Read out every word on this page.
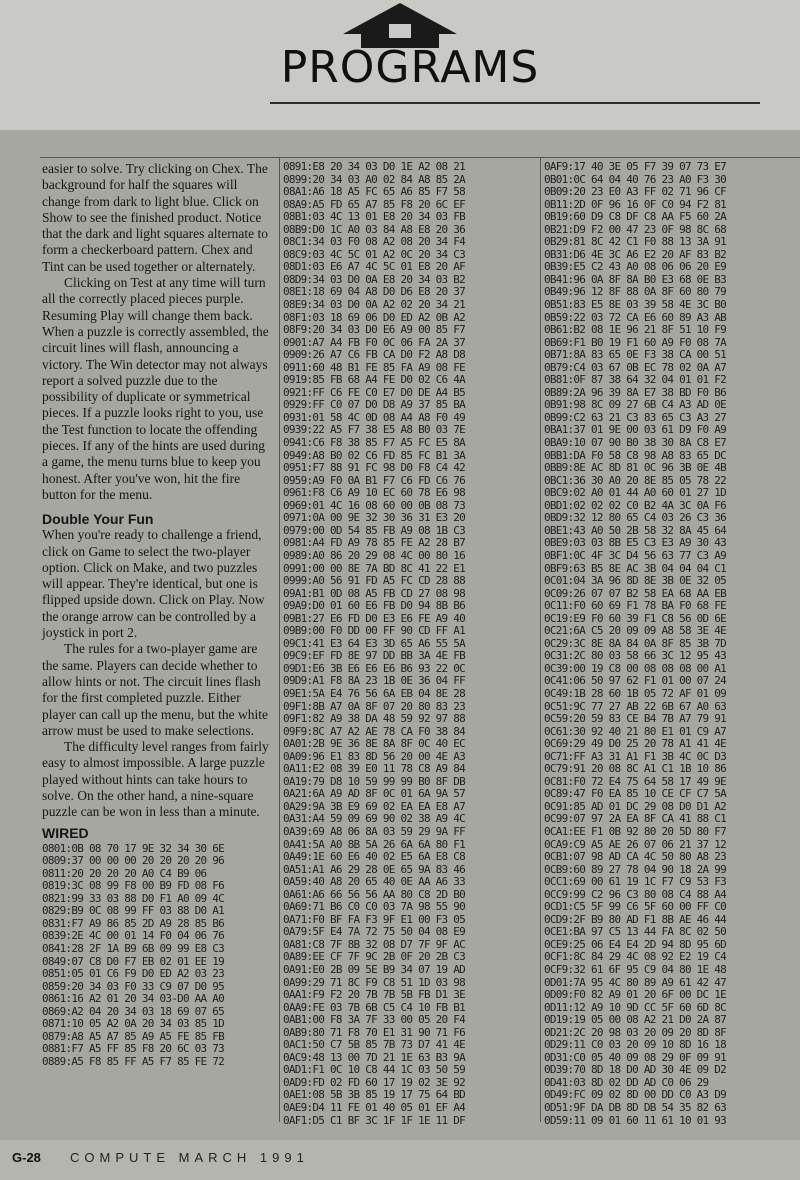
PROGRAMS

easier to solve. Try clicking on Chex. The background for half the squares will change from dark to light blue. Click on Show to see the finished product. Notice that the dark and light squares alternate to form a checkerboard pattern. Chex and Tint can be used together or alternately.

Clicking on Test at any time will turn all the correctly placed pieces purple. Resuming Play will change them back. When a puzzle is correctly assembled, the circuit lines will flash, announcing a victory. The Win detector may not always report a solved puzzle due to the possibility of duplicate or symmetrical pieces. If a puzzle looks right to you, use the Test function to locate the offending pieces. If any of the hints are used during a game, the menu turns blue to keep you honest. After you've won, hit the fire button for the menu.

Double Your Fun

When you're ready to challenge a friend, click on Game to select the two-player option. Click on Make, and two puzzles will appear. They're identical, but one is flipped upside down. Click on Play. Now the orange arrow can be controlled by a joystick in port 2.

The rules for a two-player game are the same. Players can decide whether to allow hints or not. The circuit lines flash for the first completed puzzle. Either player can call up the menu, but the white arrow must be used to make selections.

The difficulty level ranges from fairly easy to almost impossible. A large puzzle played without hints can take hours to solve. On the other hand, a nine-square puzzle can be won in less than a minute.

WIRED
0801:0B 08 70 17 9E 32 34 30 6E
0809:37 00 00 00 20 20 20 20 96
0811:20 20 20 20 A0 C4 B9 06
0819:3C 08 99 F8 00 B9 FD 08 F6
0821:99 33 03 88 D0 F1 A0 09 4C
0829:B9 0C 08 99 FF 03 88 D0 A1
0831:F7 A9 86 85 2D A9 28 85 B6
0839:2E 4C 00 01 14 F0 04 06 76
0841:28 2F 1A B9 6B 09 99 E8 C3
0849:07 C8 D0 F7 EB 02 01 EE 19
0851:05 01 C6 F9 D0 ED A2 03 23
0859:20 34 03 F0 33 C9 07 D0 95
0861:16 A2 01 20 34 03-D0 AA A0
0869:A2 04 20 34 03 18 69 07 65
0871:10 05 A2 0A 20 34 03 85 1D
0879:A8 A5 A7 85 A9 A5 FE 85 FB
0881:F7 A5 FF 85 F8 20 6C 03 73
0889:A5 F8 85 FF A5 F7 85 FE 72
0891:E8 20 34 03 D0 1E A2 08 21
0899:20 34 03 A0 02 84 A8 85 2A
08A1:A6 18 A5 FC 65 A6 85 F7 58
08A9:A5 FD 65 A7 85 F8 20 6C EF
08B1:03 4C 13 01 E8 20 34 03 FB
08B9:D0 1C A0 03 84 A8 E8 20 36
08C1:34 03 F0 08 A2 08 20 34 F4
08C9:03 4C 5C 01 A2 0C 20 34 C3
08D1:03 E6 A7 4C 5C 01 E8 20 AF
08D9:34 03 D0 0A E8 20 34 03 B2
08E1:18 69 04 A8 D0 D6 E8 20 37
08E9:34 03 D0 0A A2 02 20 34 21
08F1:03 18 69 06 D0 ED A2 0B A2
08F9:20 34 03 D0 E6 A9 00 85 F7
0901:A7 A4 FB F0 0C 06 FA 2A 37
0909:26 A7 C6 FB CA D0 F2 A8 D8
0911:60 48 B1 FE 85 FA A9 08 FE
0919:85 FB 68 A4 FE D0 02 C6 4A
0921:FF C6 FE C0 E7 D0 DE A4 B5
0929:FF C0 07 D0 D8 A9 37 85 BA
0931:01 58 4C 0D 08 A4 A8 F0 49
0939:22 A5 F7 38 E5 A8 B0 03 7E
0941:C6 F8 38 85 F7 A5 FC E5 8A
0949:A8 B0 02 C6 FD 85 FC B1 3A
0951:F7 88 91 FC 98 D0 F8 C4 42
0959:A9 F0 0A B1 F7 C6 FD C6 76
0961:F8 C6 A9 10 EC 60 78 E6 98
0969:01 4C 16 08 60 00 0B 08 73
0971:0A 00 9E 32 30 36 31 E3 20
0979:00 0D 54 85 FB A9 08 1B C3
0981:A4 FD A9 78 85 FE A2 28 B7
0989:A0 86 20 29 08 4C 00 80 16
0991:00 00 8E 7A BD 8C 41 22 E1
0999:A0 56 91 FD A5 FC CD 28 88
09A1:B1 0D 08 A5 FB CD 27 08 98
09A9:D0 01 60 E6 FB D0 94 8B B6
09B1:27 E6 FD D0 E3 E6 FE A9 40
09B9:00 F0 DD 00 FF 90 CD FF A1
09C1:41 E3 64 E3 3D 65 A6 55 5A
09C9:EF FD 8E 97 DD BB 3A 4E FB
09D1:E6 3B E6 E6 E6 B6 93 22 0C
09D9:A1 F8 8A 23 1B 0E 36 04 FF
09E1:5A E4 76 56 6A EB 04 8E 28
09F1:8B A7 0A 8F 07 20 80 83 23
09F1:82 A9 38 DA 48 59 92 97 88
09F9:8C A7 A2 AE 78 CA F0 38 84
0A01:2B 9E 36 8E 8A 8F 0C 40 EC
0A09:96 E1 83 8D 56 20 00 4E A3
0A11:E2 08 39 E0 11 78 C8 A9 84
0A19:79 D8 10 59 99 99 B0 8F DB
0A21:6A A9 AD 8F 0C 01 6A 9A 57
0A29:9A 3B E9 69 02 EA EA E8 A7
0A31:A4 59 09 69 90 02 38 A9 4C
0A39:69 A8 06 8A 03 59 29 9A FF
0A41:5A A0 8B 5A 26 6A 6A 80 F1
0A49:1E 60 E6 40 02 E5 6A E8 C8
0A51:A1 A6 29 28 0E 65 9A 83 46
0A59:40 A8 20 65 40 0E AA A6 33
0A61:A6 66 56 56 AA 80 C8 2D B0
0A69:71 B6 C0 C0 03 7A 98 55 90
0A71:F0 BF FA F3 9F E1 00 F3 05
0A79:5F E4 7A 72 75 50 04 08 E9
0A81:C8 7F 8B 32 08 D7 7F 9F AC
0A89:EE CF 7F 9C 2B 0F 20 2B C3
0A91:E0 2B 09 5E B9 34 07 19 AD
0A99:29 71 8C F9 C8 51 1D 03 98
0AA1:F9 F2 20 7B 7B 5B FB D1 3E
0AA9:FE 03 7B 6B C5 C4 10 FB B1
0AB1:00 F8 3A 7F 33 00 05 20 F4
0AB9:80 71 F8 70 E1 31 90 71 F6
0AC1:50 C7 5B 85 7B 73 D7 41 4E
0AC9:48 13 00 7D 21 1E 63 B3 9A
0AD1:F1 0C 10 C8 44 1C 03 50 59
0AD9:FD 02 FD 60 17 19 02 3E 92
0AE1:08 5B 3B 85 19 17 75 64 BD
0AE9:D4 11 FE 01 40 05 01 EF A4
0AF1:D5 C1 BF 3C 1F 1F 1E 11 DF
0AF9:17 40 3E 05 F7 39 07 73 E7
0B01:0C 64 04 40 76 23 A0 F3 30
0B09:20 23 E0 A3 FF 02 71 96 CF
0B11:2D 0F 96 16 0F C0 94 F2 81
0B19:60 D9 C8 DF C8 AA F5 60 2A
0B21:D9 F2 00 47 23 0F 98 8C 68
0B29:81 8C 42 C1 F0 88 13 3A 91
0B31:D6 4E 3C A6 E2 20 AF 83 B2
0B39:E5 C2 43 A0 08 06 06 20 E9
0B41:96 0A 8F 8A B0 E3 68 0E B3
0B49:96 12 8F 88 0A 8F 60 80 79
0B51:83 E5 8E 03 39 58 4E 3C B0
0B59:22 03 72 CA E6 60 89 A3 AB
0B61:B2 08 1E 96 21 8F 51 10 F9
0B69:F1 B0 19 F1 60 A9 F0 08 7A
0B71:8A 83 65 0E F3 38 CA 00 51
0B79:C4 03 67 0B EC 78 02 0A A7
0B81:0F 87 38 64 32 04 01 01 F2
0B89:2A 96 39 8A E7 38 BD F0 B6
0B91:98 8C 09 27 6B C4 A3 AD 0E
0B99:C2 63 21 C3 83 65 C3 A3 27
0BA1:37 01 9E 00 03 61 D9 F0 A9
0BA9:10 07 90 B0 38 30 8A C8 E7
0BB1:DA F0 58 C8 98 A8 83 65 DC
0BB9:8E AC 8D 81 0C 96 3B 0E 4B
0BC1:36 30 A0 20 8E 85 05 78 22
0BC9:02 A0 01 44 A0 60 01 27 1D
0BD1:02 02 02 C0 B2 4A 3C 0A F6
0BD9:32 12 80 65 C4 03 26 C3 36
0BE1:43 A0 50 2B 58 32 8A 45 64
0BE9:03 03 8B E5 C3 E3 A9 30 43
0BF1:0C 4F 3C D4 56 63 77 C3 A9
0BF9:63 B5 8E AC 3B 04 04 04 C1
0C01:04 3A 96 8D 8E 3B 0E 32 05
0C09:26 07 07 B2 58 EA 68 AA EB
0C11:F0 60 69 F1 78 BA F0 68 FE
0C19:E9 F0 60 39 F1 C8 56 0D 6E
0C21:6A C5 20 09 09 A8 58 3E 4E
0C29:3C 8E 8A 84 0A 8F 85 3B 7D
0C31:2C 80 03 58 66 3C 12 95 43
0C39:00 19 C8 00 08 08 08 00 A1
0C41:06 50 97 62 F1 01 00 07 24
0C49:1B 28 60 1B 05 72 AF 01 09
0C51:9C 77 27 AB 22 6B 67 A0 63
0C59:20 59 83 CE B4 7B A7 79 91
0C61:30 92 40 21 80 E1 01 C9 A7
0C69:29 49 D0 25 20 78 A1 41 4E
0C71:FF A3 31 A1 F1 3B 4C 0C D3
0C79:91 20 08 8C A1 C1 1B 10 86
0C81:F0 72 E4 75 64 58 17 49 9E
0C89:47 F0 EA 85 10 CE CF C7 5A
0C91:85 AD 01 DC 29 08 D0 D1 A2
0C99:07 97 2A EA 8F CA 41 88 C1
0CA1:EE F1 0B 92 80 20 5D 80 F7
0CA9:C9 A5 AE 26 07 06 21 37 12
0CB1:07 98 AD CA 4C 50 80 A8 23
0CB9:60 89 27 78 04 90 18 2A 99
0CC1:69 00 61 19 1C F7 C9 53 F3
0CC9:99 C2 96 C3 80 08 C4 88 A4
0CD1:C5 5F 99 C6 5F 60 00 FF C0
0CD9:2F B9 80 AD F1 8B AE 46 44
0CE1:BA 97 C5 13 44 FA 8C 02 50
0CE9:25 06 E4 E4 2D 94 8D 95 6D
0CF1:8C 84 29 4C 08 92 E2 19 C4
0CF9:32 61 6F 95 C9 04 80 1E 48
0D01:7A 95 4C 80 89 A9 61 42 47
0D09:F0 82 A9 01 20 6F 00 DC 1E
0D11:12 A9 10 9D CC 5F 60 6D 8C
0D19:19 05 00 08 A2 21 D0 2A 87
0D21:2C 20 98 03 20 09 20 8D 8F
0D29:11 C0 03 20 09 10 8D 16 18
0D31:C0 05 40 09 08 29 0F 09 91
0D39:70 8D 18 D0 AD 30 4E 09 D2
0D41:03 8D 02 DD AD C0 06 29
0D49:FC 09 02 8D 00 DD C0 A3 D9
0D51:9F DA DB 8D DB 54 35 82 63
0D59:11 09 01 60 11 61 10 01 93
G-28 COMPUTE MARCH 1991
